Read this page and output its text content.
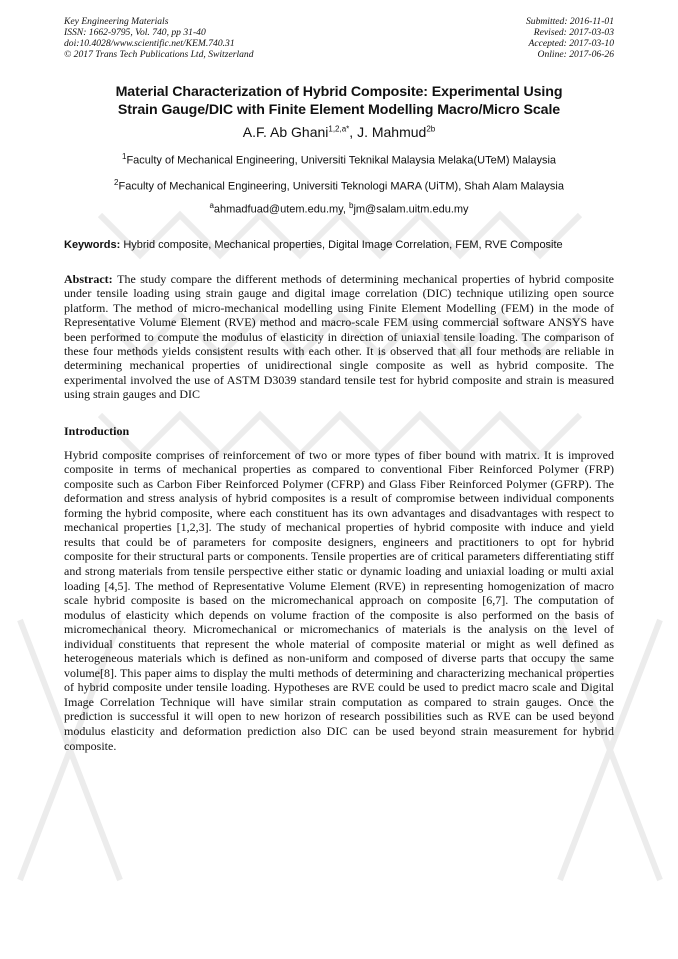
Key Engineering Materials
ISSN: 1662-9795, Vol. 740, pp 31-40
doi:10.4028/www.scientific.net/KEM.740.31
© 2017 Trans Tech Publications Ltd, Switzerland
Submitted: 2016-11-01
Revised: 2017-03-03
Accepted: 2017-03-10
Online: 2017-06-26
Material Characterization of Hybrid Composite: Experimental Using
Strain Gauge/DIC with Finite Element Modelling Macro/Micro Scale
A.F. Ab Ghani$^{1,2,a*}$, J. Mahmud$^{2b}$
$^1$Faculty of Mechanical Engineering, Universiti Teknikal Malaysia Melaka(UTeM) Malaysia
$^2$Faculty of Mechanical Engineering, Universiti Teknologi MARA (UiTM), Shah Alam Malaysia
$^a$ahmadfuad@utem.edu.my, $^b$jm@salam.uitm.edu.my
Keywords: Hybrid composite, Mechanical properties, Digital Image Correlation, FEM, RVE Composite
Abstract: The study compare the different methods of determining mechanical properties of hybrid composite under tensile loading using strain gauge and digital image correlation (DIC) technique utilizing open source platform. The method of micro-mechanical modelling using Finite Element Modelling (FEM) in the mode of Representative Volume Element (RVE) method and macro-scale FEM using commercial software ANSYS have been performed to compute the modulus of elasticity in direction of uniaxial tensile loading. The comparison of these four methods yields consistent results with each other. It is observed that all four methods are reliable in determining mechanical properties of unidirectional single composite as well as hybrid composite. The experimental involved the use of ASTM D3039 standard tensile test for hybrid composite and strain is measured using strain gauges and DIC
Introduction
Hybrid composite comprises of reinforcement of two or more types of fiber bound with matrix. It is improved composite in terms of mechanical properties as compared to conventional Fiber Reinforced Polymer (FRP) composite such as Carbon Fiber Reinforced Polymer (CFRP) and Glass Fiber Reinforced Polymer (GFRP). The deformation and stress analysis of hybrid composites is a result of compromise between individual components forming the hybrid composite, where each constituent has its own advantages and disadvantages with respect to mechanical properties [1,2,3]. The study of mechanical properties of hybrid composite with induce and yield results that could be of parameters for composite designers, engineers and practitioners to opt for hybrid composite for their structural parts or components. Tensile properties are of critical parameters differentiating stiff and strong materials from tensile perspective either static or dynamic loading and uniaxial loading or multi axial loading [4,5]. The method of Representative Volume Element (RVE) in representing homogenization of macro scale hybrid composite is based on the micromechanical approach on composite [6,7]. The computation of modulus of elasticity which depends on volume fraction of the composite is also performed on the basis of micromechanical theory. Micromechanical or micromechanics of materials is the analysis on the level of individual constituents that represent the whole material of composite material or might as well defined as heterogeneous materials which is defined as non-uniform and composed of diverse parts that occupy the same volume[8]. This paper aims to display the multi methods of determining and characterizing mechanical properties of hybrid composite under tensile loading. Hypotheses are RVE could be used to predict macro scale and Digital Image Correlation Technique will have similar strain computation as compared to strain gauges. Once the prediction is successful it will open to new horizon of research possibilities such as RVE can be used beyond modulus elasticity and deformation prediction also DIC can be used beyond strain measurement for hybrid composite.
